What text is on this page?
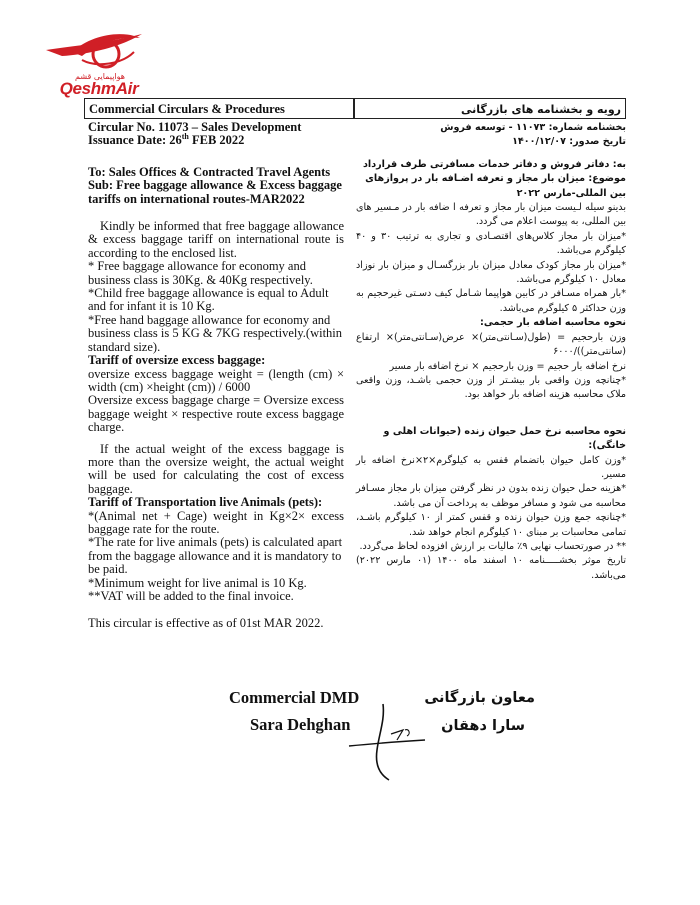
هواپیمایی قشم
QeshmAir
Commercial Circulars & Procedures	رویه و بخشنامه های بازرگانی

Circular No. 11073 – Sales Development

Issuance Date: 26th FEB 2022

To: Sales Offices & Contracted Travel Agents

Sub: Free baggage allowance & Excess baggage tariffs on international routes-MAR2022

Kindly be informed that free baggage allowance & excess baggage tariff on international route is according to the enclosed list.

* Free baggage allowance for economy and business class is 30Kg. & 40Kg respectively.

*Child free baggage allowance is equal to Adult and for infant it is 10 Kg.

*Free hand baggage allowance for economy and business class is 5 KG & 7KG respectively.(within standard size).

Tariff of oversize excess baggage:

oversize excess baggage weight = (length (cm) × width (cm) ×height (cm)) / 6000

Oversize excess baggage charge = Oversize excess baggage weight × respective route excess baggage charge.

If the actual weight of the excess baggage is more than the oversize weight, the actual weight will be used for calculating the cost of excess baggage.

Tariff of Transportation live Animals (pets):

*(Animal net + Cage) weight in Kg×2× excess baggage rate for the route.

*The rate for live animals (pets) is calculated apart from the baggage allowance and it is mandatory to be paid.

*Minimum weight for live animal is 10 Kg.

**VAT will be added to the final invoice.

This circular is effective as of 01st MAR 2022.

بخشنامه شماره: ۱۱۰۷۳ - توسعه فروش

تاریخ صدور: ۱۴۰۰/۱۲/۰۷

به: دفاتر فروش و دفاتر خدمات مسافرتی طرف قرارداد

موضوع: میزان بار مجاز و تعرفه اضـافه بار در پروازهای بین المللی-مارس ۲۰۲۲

بدینو سیله لـیست میزان بار مجاز و تعرفه ا ضافه بار در مـسیر های بین المللی، به پیوست اعلام می گردد.

*میزان بار مجاز کلاس‌های اقتصـادی و تجاری به ترتیب ۳۰ و ۴۰ کیلوگرم می‌باشد.

*میزان بار مجاز کودک معادل میزان بار بزرگسـال و میزان بار نوزاد معادل ۱۰ کیلوگرم می‌باشد.

*بار همراه مسـافر در کابین هواپیما شـامل کیف دسـتی غیرحجیم به وزن حداکثر ۵ کیلوگرم می‌باشد.

نحوه محاسبه اضافه بار حجمی:

وزن بارحجیم = (طول(سـانتی‌متر)× عرض(سـانتی‌متر)× ارتفاع (سانتی‌متر))/۶۰۰۰

نرخ اضافه بار حجیم = وزن بارحجیم × نرخ اضافه بار مسیر

*چنانچه وزن واقعی بار بیشـتر از وزن حجمی باشـد، وزن واقعی ملاک محاسبه هزینه اضافه بار خواهد بود.

نحوه محاسبه نرخ حمل حیوان زنده (حیوانات اهلی و خانگی):

*وزن کامل حیوان باتضمام قفس به کیلوگرم×۲×نرخ اضافه بار مسیر.

*هزینه حمل حیوان زنده بدون در نظر گرفتن میزان بار مجاز مسـافر محاسبه می شود و مسافر موظف به پرداخت آن می باشد.

*چنانچه جمع وزن حیوان زنده و قفس کمتر از ۱۰ کیلوگرم باشـد، تمامی محاسبات بر مبنای ۱۰ کیلوگرم انجام خواهد شد.

** در صورتحساب نهایی ۹٪ مالیات بر ارزش افزوده لحاظ می‌گردد.

تاریخ موثر بخشـــــنامه ۱۰ اسفند ماه ۱۴۰۰ (۰۱ مارس ۲۰۲۲) می‌باشد.

Commercial DMD
Sara Dehghan
معاون بازرگانی
سارا دهقان
